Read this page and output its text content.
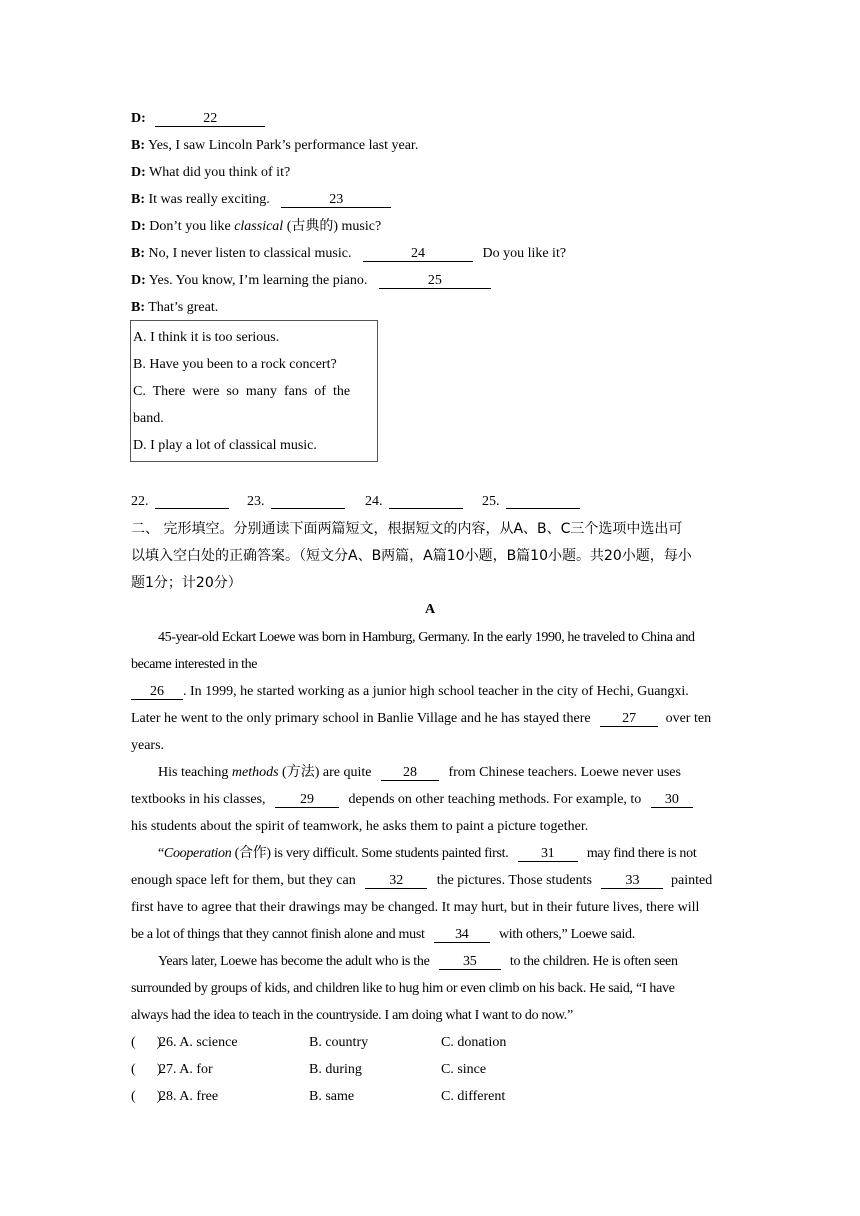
D:	22
B: Yes, I saw Lincoln Park’s performance last year.
D: What did you think of it?
B: It was really exciting.	23
D: Don’t you like classical (古典的) music?
B: No, I never listen to classical music.	24	Do you like it?
D: Yes. You know, I’m learning the piano.	25
B: That’s great.
A. I think it is too serious.
B. Have you been to a rock concert?
C.  There  were  so  many  fans  of  the
band.
D. I play a lot of classical music.
22.	23.	24.	25.
二、 完形填空。分别通读下面两篇短文，根据短文的内容，从A、B、C三个选项中选出可
以填入空白处的正确答案。（短文分A、B两篇，A篇10小题，B篇10小题。共20小题，每小
题1分；计20分）
A
45-year-old Eckart Loewe was born in Hamburg, Germany. In the early 1990, he traveled to China and
became interested in the
26 . In 1999, he started working as a junior high school teacher in the city of Hechi, Guangxi.
Later he went to the only primary school in Banlie Village and he has stayed there 27 over ten
years.
His teaching methods (方法) are quite 28 from Chinese teachers. Loewe never uses
textbooks in his classes, 29 depends on other teaching methods. For example, to 30
his students about the spirit of teamwork, he asks them to paint a picture together.
“Cooperation (合作) is very difficult. Some students painted first. 31 may find there is not
enough space left for them, but they can 32 the pictures. Those students 33 painted
first have to agree that their drawings may be changed. It may hurt, but in their future lives, there will
be a lot of things that they cannot finish alone and must 34 with others,” Loewe said.
Years later, Loewe has become the adult who is the 35 to the children. He is often seen
surrounded by groups of kids, and children like to hug him or even climb on his back. He said, “I have
always had the idea to teach in the countryside. I am doing what I want to do now.”
(      )
26. A. science	B. country	C. donation
(      )
27. A. for	B. during	C. since
(      )
28. A. free	B. same	C. different
